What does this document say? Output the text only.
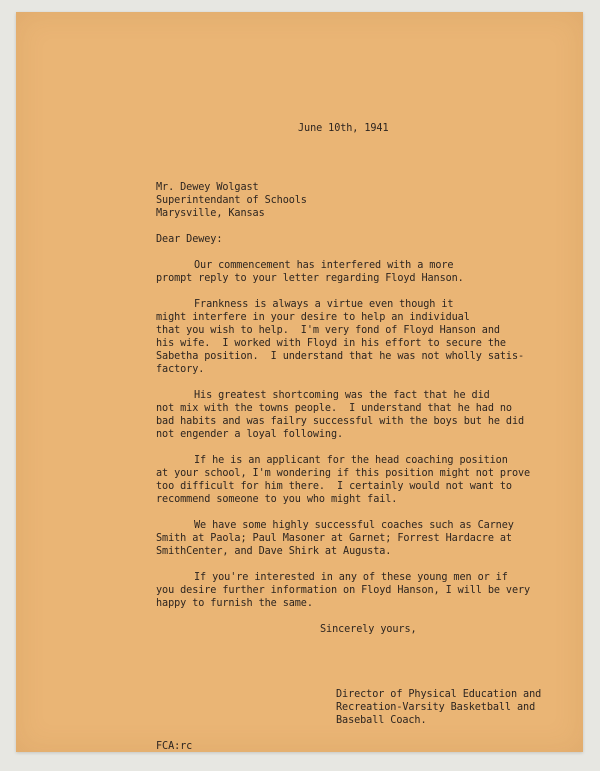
June 10th, 1941

Mr. Dewey Wolgast

Superintendant of Schools

Marysville, Kansas

Dear Dewey:

Our commencement has interfered with a more

prompt reply to your letter regarding Floyd Hanson.

Frankness is always a virtue even though it

might interfere in your desire to help an individual

that you wish to help.  I'm very fond of Floyd Hanson and

his wife.  I worked with Floyd in his effort to secure the

Sabetha position.  I understand that he was not wholly satis-

factory.

His greatest shortcoming was the fact that he did

not mix with the towns people.  I understand that he had no

bad habits and was failry successful with the boys but he did

not engender a loyal following.

If he is an applicant for the head coaching position

at your school, I'm wondering if this position might not prove

too difficult for him there.  I certainly would not want to

recommend someone to you who might fail.

We have some highly successful coaches such as Carney

Smith at Paola; Paul Masoner at Garnet; Forrest Hardacre at

SmithCenter, and Dave Shirk at Augusta.

If you're interested in any of these young men or if

you desire further information on Floyd Hanson, I will be very

happy to furnish the same.

Sincerely yours,

Director of Physical Education and

Recreation-Varsity Basketball and

Baseball Coach.

FCA:rc
